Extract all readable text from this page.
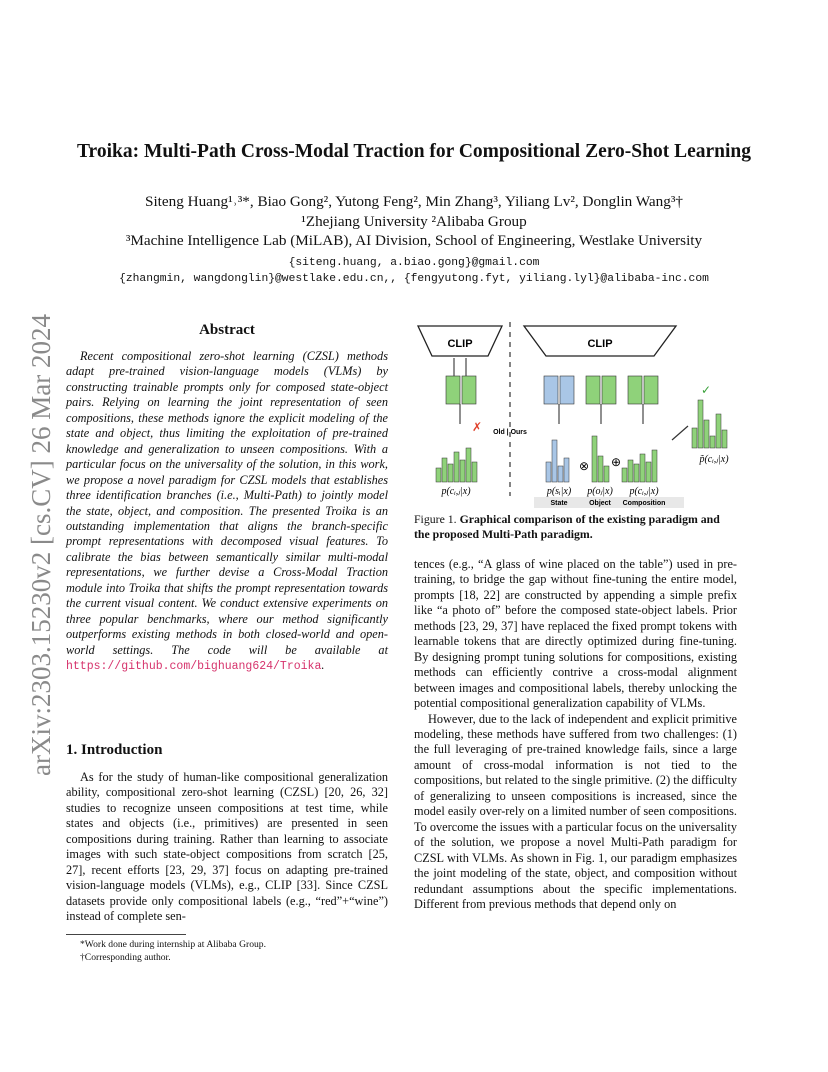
arXiv:2303.15230v2 [cs.CV] 26 Mar 2024
Troika: Multi-Path Cross-Modal Traction for Compositional Zero-Shot Learning
Siteng Huang¹˒³*, Biao Gong², Yutong Feng², Min Zhang³, Yiliang Lv², Donglin Wang³†
¹Zhejiang University ²Alibaba Group
³Machine Intelligence Lab (MiLAB), AI Division, School of Engineering, Westlake University
{siteng.huang, a.biao.gong}@gmail.com
{zhangmin, wangdonglin}@westlake.edu.cn,, {fengyutong.fyt, yiliang.lyl}@alibaba-inc.com
Abstract
Recent compositional zero-shot learning (CZSL) methods adapt pre-trained vision-language models (VLMs) by constructing trainable prompts only for composed state-object pairs. Relying on learning the joint representation of seen compositions, these methods ignore the explicit modeling of the state and object, thus limiting the exploitation of pre-trained knowledge and generalization to unseen compositions. With a particular focus on the universality of the solution, in this work, we propose a novel paradigm for CZSL models that establishes three identification branches (i.e., Multi-Path) to jointly model the state, object, and composition. The presented Troika is an outstanding implementation that aligns the branch-specific prompt representations with decomposed visual features. To calibrate the bias between semantically similar multi-modal representations, we further devise a Cross-Modal Traction module into Troika that shifts the prompt representation towards the current visual content. We conduct extensive experiments on three popular benchmarks, where our method significantly outperforms existing methods in both closed-world and open-world settings. The code will be available at https://github.com/bighuang624/Troika.
1. Introduction
As for the study of human-like compositional generalization ability, compositional zero-shot learning (CZSL) [20, 26, 32] studies to recognize unseen compositions at test time, while states and objects (i.e., primitives) are presented in seen compositions during training. Rather than learning to associate images with such state-object compositions from scratch [25, 27], recent efforts [23, 29, 37] focus on adapting pre-trained vision-language models (VLMs), e.g., CLIP [33]. Since CZSL datasets provide only compositional labels (e.g., “red”+“wine”) instead of complete sen-
*Work done during internship at Alibaba Group.
†Corresponding author.
CLIP	CLIP
Old | Ours
✗
p(cᵢ,ⱼ|x)
⊗ ⊕
✓
p̃(cᵢ,ⱼ|x)
p(sᵢ|x) p(oⱼ|x) p(cᵢ,ⱼ|x)
State	Object Composition
Figure 1. Graphical comparison of the existing paradigm and the proposed Multi-Path paradigm.

tences (e.g., “A glass of wine placed on the table”) used in pre-training, to bridge the gap without fine-tuning the entire model, prompts [18, 22] are constructed by appending a simple prefix like “a photo of” before the composed state-object labels. Prior methods [23, 29, 37] have replaced the fixed prompt tokens with learnable tokens that are directly optimized during fine-tuning. By designing prompt tuning solutions for compositions, existing methods can efficiently contrive a cross-modal alignment between images and compositional labels, thereby unlocking the potential compositional generalization capability of VLMs.

However, due to the lack of independent and explicit primitive modeling, these methods have suffered from two challenges: (1) the full leveraging of pre-trained knowledge fails, since a large amount of cross-modal information is not tied to the compositions, but related to the single primitive. (2) the difficulty of generalizing to unseen compositions is increased, since the model easily over-rely on a limited number of seen compositions. To overcome the issues with a particular focus on the universality of the solution, we propose a novel Multi-Path paradigm for CZSL with VLMs. As shown in Fig. 1, our paradigm emphasizes the joint modeling of the state, object, and composition without redundant assumptions about the specific implementations. Different from previous methods that depend only on
